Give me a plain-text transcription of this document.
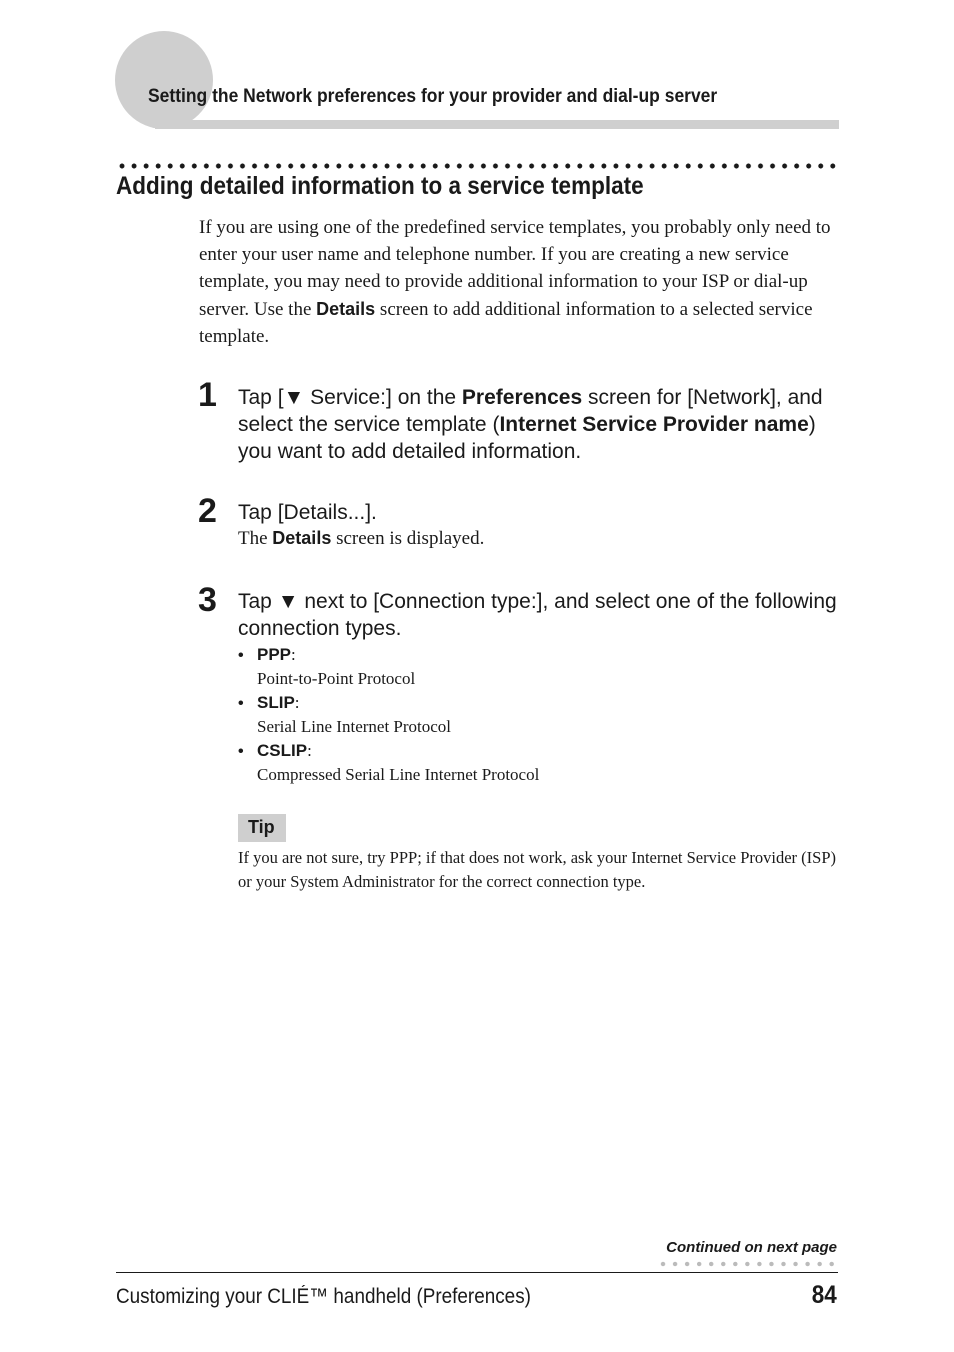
Setting the Network preferences for your provider and dial-up server
Adding detailed information to a service template

If you are using one of the predefined service templates, you probably only need to enter your user name and telephone number. If you are creating a new service template, you may need to provide additional information to your ISP or dial-up server. Use the Details screen to add additional information to a selected service template.

1 Tap [▼ Service:] on the Preferences screen for [Network], and select the service template (Internet Service Provider name) you want to add detailed information.
2 Tap [Details...].
The Details screen is displayed.
3 Tap ▼ next to [Connection type:], and select one of the following connection types.
• PPP:
Point-to-Point Protocol
• SLIP:
Serial Line Internet Protocol
• CSLIP:
Compressed Serial Line Internet Protocol
Tip
If you are not sure, try PPP; if that does not work, ask your Internet Service Provider (ISP) or your System Administrator for the correct connection type.
Continued on next page
Customizing your CLIÉ™ handheld (Preferences)	84
